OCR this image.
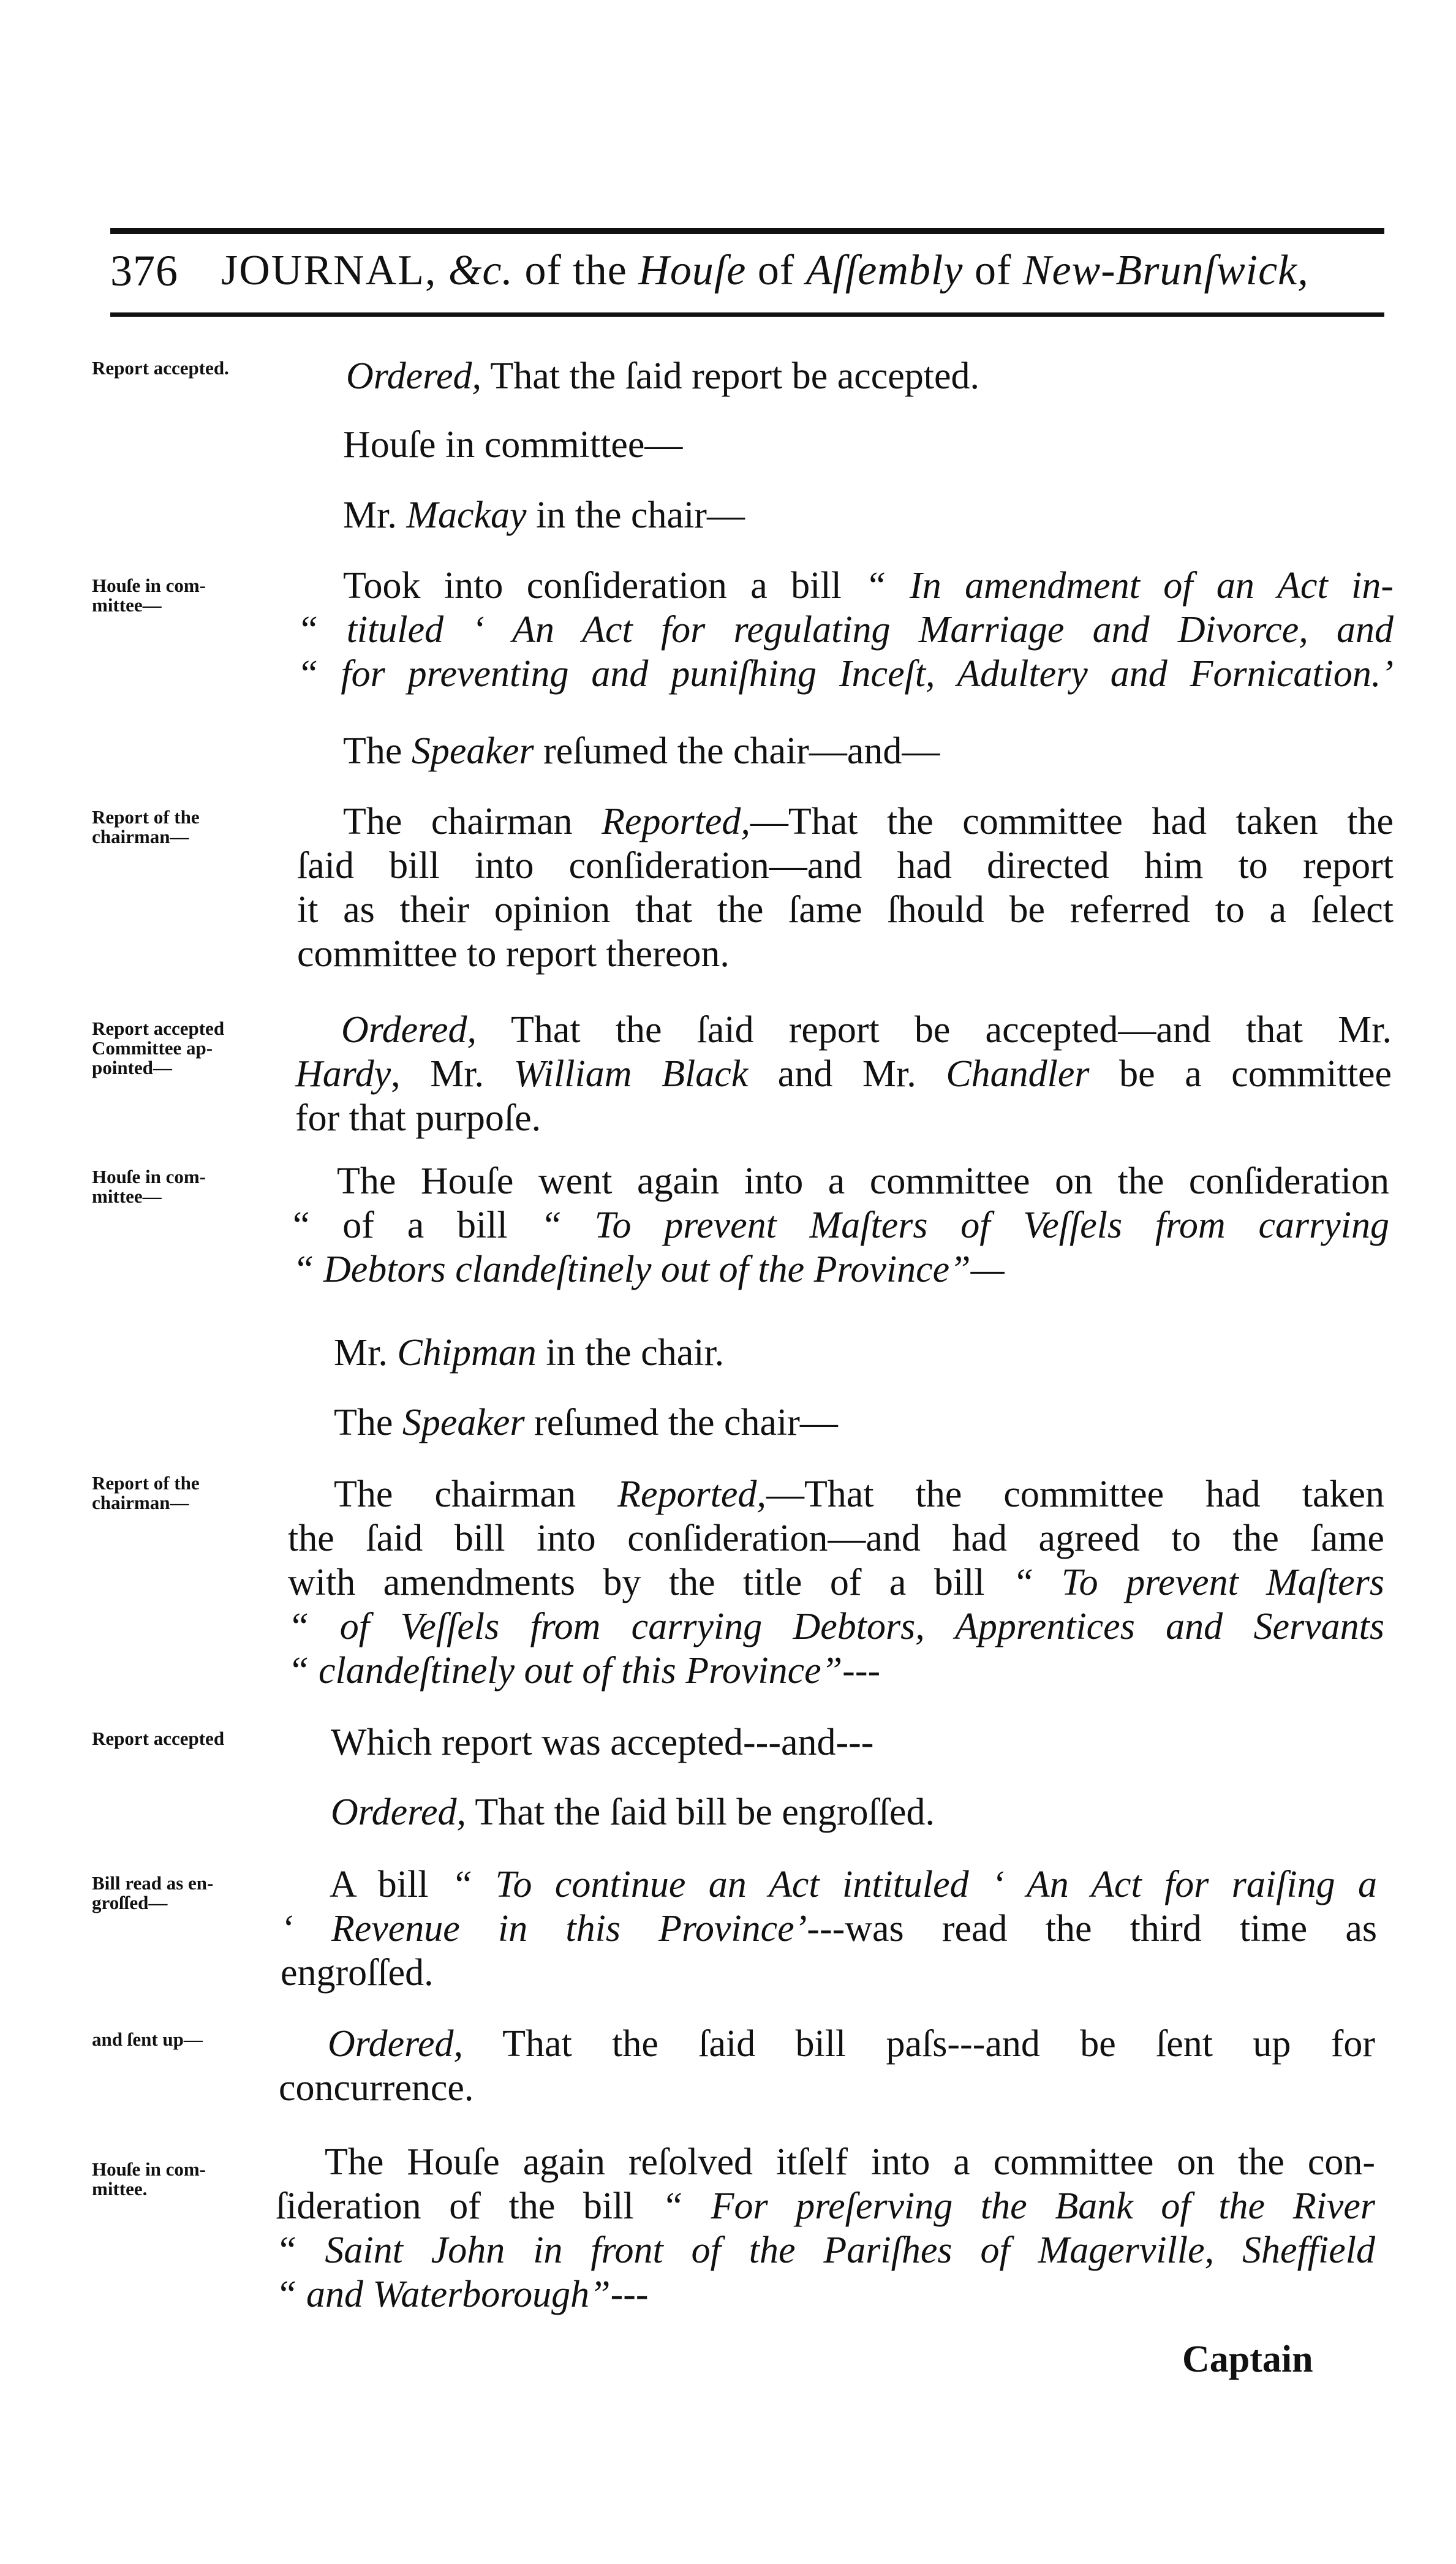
376 JOURNAL,
&c.
of the
Houſe
of
Aſſembly
of
New-Brunſwick,
Report accepted.	Ordered, That the ſaid report be accepted.
Houſe in committee—
Mr. Mackay in the chair—
Houſe in com-
mittee—	Took into conſideration a bill “ In amendment of an Act in-
“ tituled ‘ An Act for regulating Marriage and Divorce, and
“ for preventing and puniſhing Inceſt, Adultery and Fornication.’
The Speaker reſumed the chair—and—
Report of the
chairman—	The chairman Reported,—That the committee had taken the
ſaid bill into conſideration—and had directed him to report
it as their opinion that the ſame ſhould be referred to a ſelect
committee to report thereon.
Report accepted
Committee ap-
pointed—
Ordered, That the ſaid report be accepted—and that Mr.
Hardy, Mr. William Black and Mr. Chandler be a committee
for that purpoſe.
Houſe in com-
mittee—	The Houſe went again into a committee on the conſideration
“ of a bill “ To prevent Maſters of Veſſels from carrying
“ Debtors clandeſtinely out of the Province”—
Mr. Chipman in the chair.
The Speaker reſumed the chair—
Report of the
chairman—	The chairman Reported,—That the committee had taken
the ſaid bill into conſideration—and had agreed to the ſame
with amendments by the title of a bill “ To prevent Maſters
“ of Veſſels from carrying Debtors, Apprentices and Servants
“ clandeſtinely out of this Province”---
Report accepted	Which report was accepted---and---
Ordered, That the ſaid bill be engroſſed.
Bill read as en-
groſſed—	A bill “ To continue an Act intituled ‘ An Act for raiſing a
‘ Revenue in this Province’---was read the third time as
engroſſed.
and ſent up—	Ordered, That the ſaid bill paſs---and be ſent up for
concurrence.
Houſe in com-
mittee.
The Houſe again reſolved itſelf into a committee on the con-
ſideration of the bill “ For preſerving the Bank of the River
“ Saint John in front of the Pariſhes of Magerville, Sheffield
“ and Waterborough”---
Captain
